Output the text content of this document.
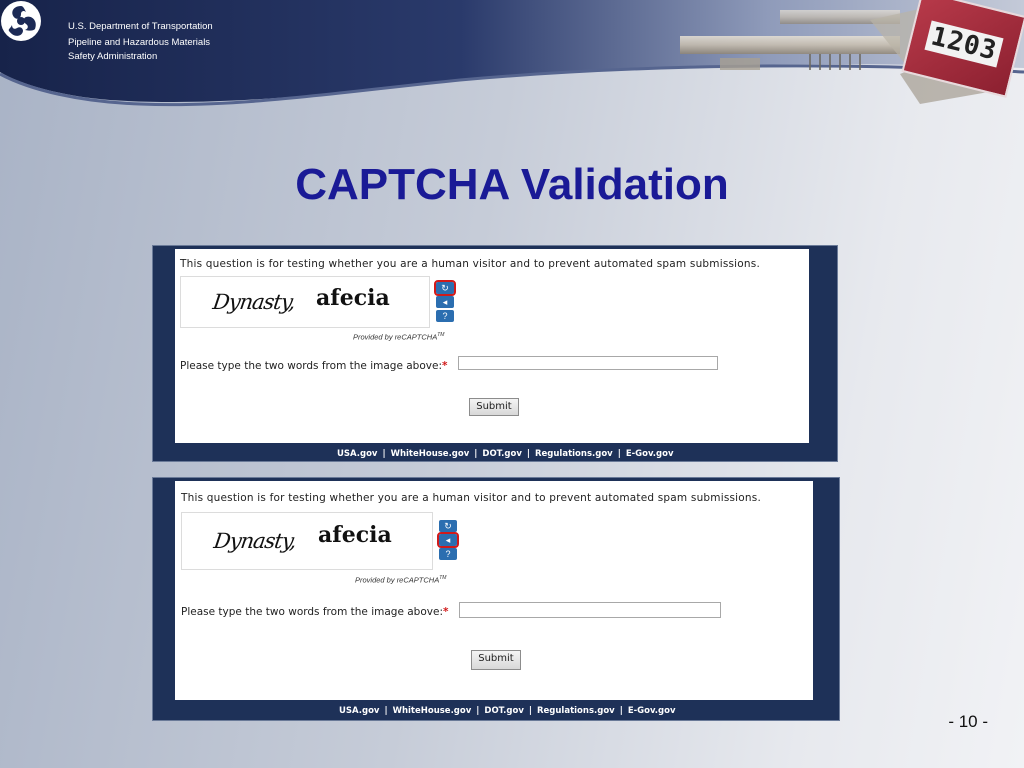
1203
U.S. Department of Transportation
Pipeline and Hazardous Materials
Safety Administration
CAPTCHA Validation
This question is for testing whether you are a human visitor and to prevent automated spam submissions.
Dynasty, afecia	↻
◂
?
Provided by reCAPTCHA™
Please type the two words from the image above:*
Submit
USA.gov | WhiteHouse.gov | DOT.gov | Regulations.gov | E-Gov.gov
This question is for testing whether you are a human visitor and to prevent automated spam submissions.
Dynasty, afecia	↻
◂
?
Provided by reCAPTCHA™
Please type the two words from the image above:*
Submit
USA.gov | WhiteHouse.gov | DOT.gov | Regulations.gov | E-Gov.gov
- 10 -
